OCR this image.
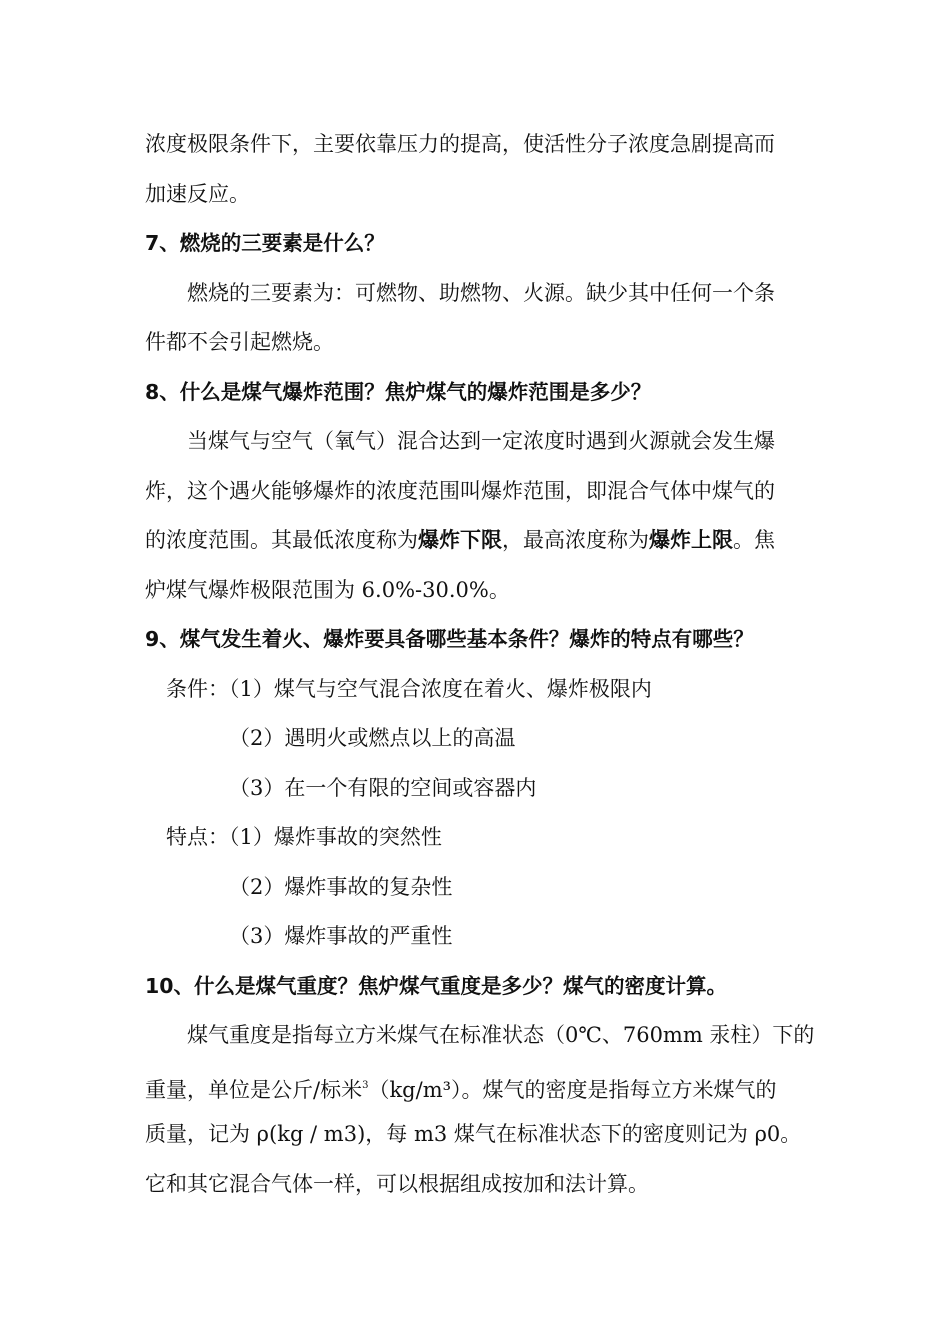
浓度极限条件下，主要依靠压力的提高，使活性分子浓度急剧提高而
加速反应。
7、燃烧的三要素是什么？
燃烧的三要素为：可燃物、助燃物、火源。缺少其中任何一个条
件都不会引起燃烧。
8、什么是煤气爆炸范围？焦炉煤气的爆炸范围是多少？
当煤气与空气（氧气）混合达到一定浓度时遇到火源就会发生爆
炸，这个遇火能够爆炸的浓度范围叫爆炸范围，即混合气体中煤气的
的浓度范围。其最低浓度称为爆炸下限，最高浓度称为爆炸上限。焦
炉煤气爆炸极限范围为 6.0%-30.0%。
9、煤气发生着火、爆炸要具备哪些基本条件？爆炸的特点有哪些？
条件：（1）煤气与空气混合浓度在着火、爆炸极限内
（2）遇明火或燃点以上的高温
（3）在一个有限的空间或容器内
特点：（1）爆炸事故的突然性
（2）爆炸事故的复杂性
（3）爆炸事故的严重性
10、什么是煤气重度？焦炉煤气重度是多少？煤气的密度计算。
煤气重度是指每立方米煤气在标准状态（0℃、760mm 汞柱）下的
重量，单位是公斤/标米$^3$（kg/m³）。煤气的密度是指每立方米煤气的
质量，记为 ρ(kg / m3)，每 m3 煤气在标准状态下的密度则记为 ρ0。
它和其它混合气体一样，可以根据组成按加和法计算。
